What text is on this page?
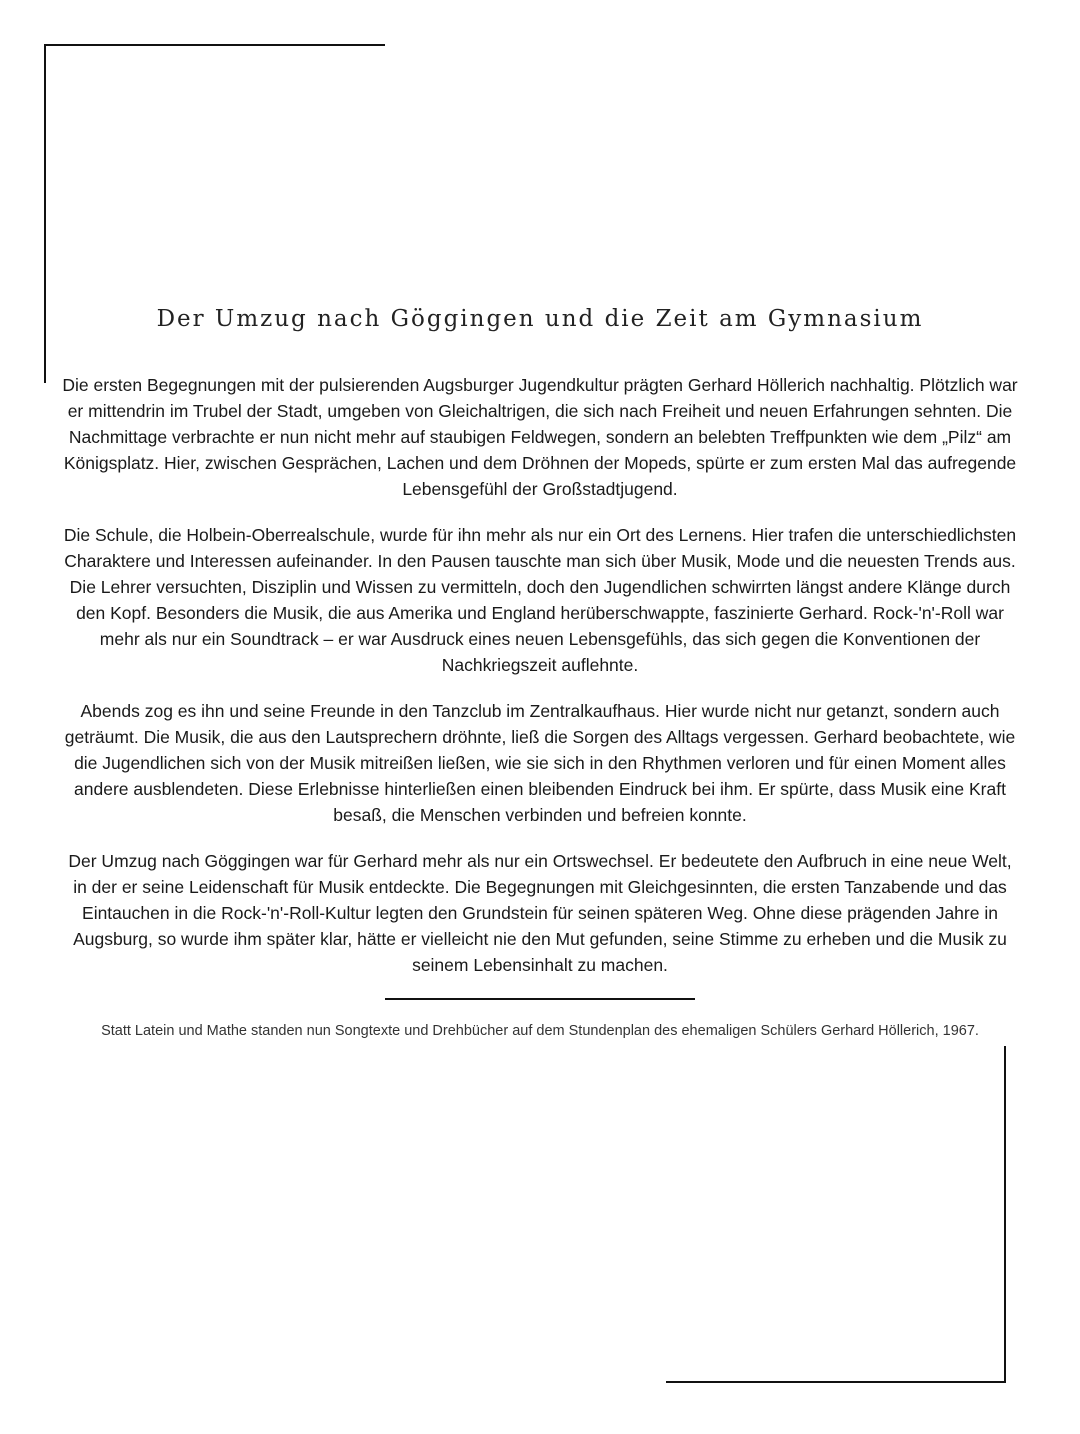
Der Umzug nach Göggingen und die Zeit am Gymnasium

Die ersten Begegnungen mit der pulsierenden Augsburger Jugendkultur prägten Gerhard Höllerich nachhaltig. Plötzlich war er mittendrin im Trubel der Stadt, umgeben von Gleichaltrigen, die sich nach Freiheit und neuen Erfahrungen sehnten. Die Nachmittage verbrachte er nun nicht mehr auf staubigen Feldwegen, sondern an belebten Treffpunkten wie dem „Pilz“ am Königsplatz. Hier, zwischen Gesprächen, Lachen und dem Dröhnen der Mopeds, spürte er zum ersten Mal das aufregende Lebensgefühl der Großstadtjugend.

Die Schule, die Holbein-Oberrealschule, wurde für ihn mehr als nur ein Ort des Lernens. Hier trafen die unterschiedlichsten Charaktere und Interessen aufeinander. In den Pausen tauschte man sich über Musik, Mode und die neuesten Trends aus. Die Lehrer versuchten, Disziplin und Wissen zu vermitteln, doch den Jugendlichen schwirrten längst andere Klänge durch den Kopf. Besonders die Musik, die aus Amerika und England herüberschwappte, faszinierte Gerhard. Rock-'n'-Roll war mehr als nur ein Soundtrack – er war Ausdruck eines neuen Lebensgefühls, das sich gegen die Konventionen der Nachkriegszeit auflehnte.

Abends zog es ihn und seine Freunde in den Tanzclub im Zentralkaufhaus. Hier wurde nicht nur getanzt, sondern auch geträumt. Die Musik, die aus den Lautsprechern dröhnte, ließ die Sorgen des Alltags vergessen. Gerhard beobachtete, wie die Jugendlichen sich von der Musik mitreißen ließen, wie sie sich in den Rhythmen verloren und für einen Moment alles andere ausblendeten. Diese Erlebnisse hinterließen einen bleibenden Eindruck bei ihm. Er spürte, dass Musik eine Kraft besaß, die Menschen verbinden und befreien konnte.

Der Umzug nach Göggingen war für Gerhard mehr als nur ein Ortswechsel. Er bedeutete den Aufbruch in eine neue Welt, in der er seine Leidenschaft für Musik entdeckte. Die Begegnungen mit Gleichgesinnten, die ersten Tanzabende und das Eintauchen in die Rock-'n'-Roll-Kultur legten den Grundstein für seinen späteren Weg. Ohne diese prägenden Jahre in Augsburg, so wurde ihm später klar, hätte er vielleicht nie den Mut gefunden, seine Stimme zu erheben und die Musik zu seinem Lebensinhalt zu machen.

Statt Latein und Mathe standen nun Songtexte und Drehbücher auf dem Stundenplan des ehemaligen Schülers Gerhard Höllerich, 1967.
